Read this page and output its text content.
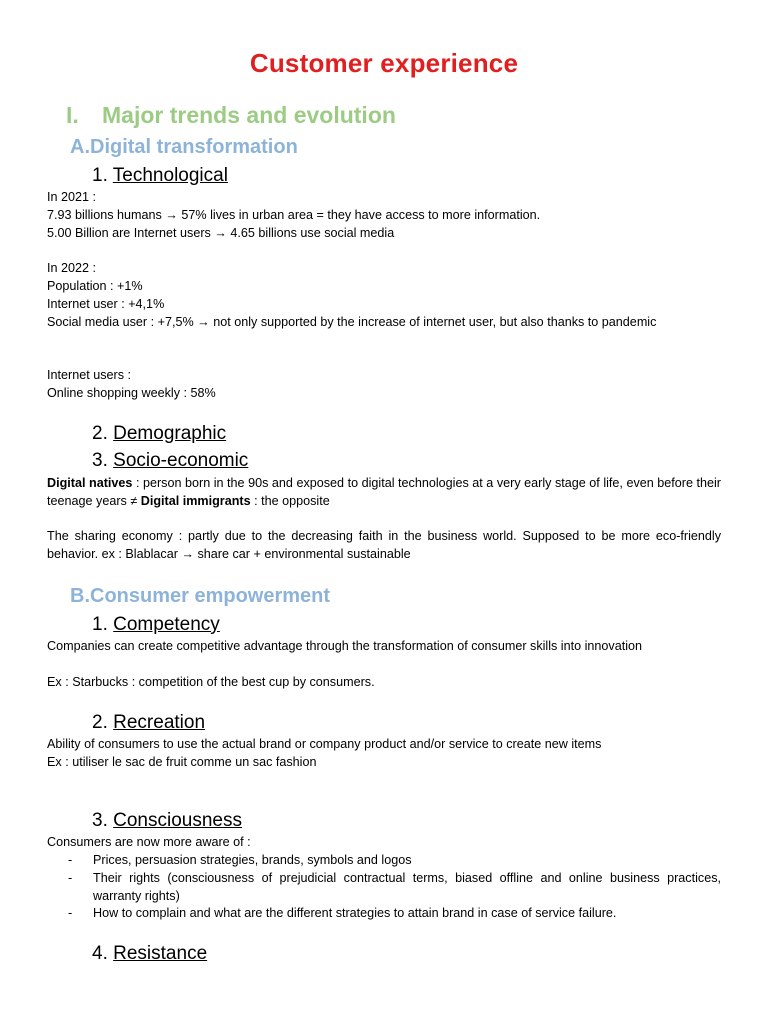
Customer experience
I. Major trends and evolution
A.Digital transformation
1. Technological
In 2021 :
7.93 billions humans → 57% lives in urban area = they have access to more information.
5.00 Billion are Internet users → 4.65 billions use social media
In 2022 :
Population : +1%
Internet user : +4,1%
Social media user : +7,5% → not only supported by the increase of internet user, but also thanks to pandemic
Internet users :
Online shopping weekly : 58%
2. Demographic
3. Socio-economic
Digital natives : person born in the 90s and exposed to digital technologies at a very early stage of life, even before their teenage years ≠ Digital immigrants : the opposite
The sharing economy : partly due to the decreasing faith in the business world. Supposed to be more eco-friendly behavior. ex : Blablacar → share car + environmental sustainable
B.Consumer empowerment
1. Competency
Companies can create competitive advantage through the transformation of consumer skills into innovation
Ex : Starbucks : competition of the best cup by consumers.
2. Recreation
Ability of consumers to use the actual brand or company product and/or service to create new items
Ex : utiliser le sac de fruit comme un sac fashion
3. Consciousness
Consumers are now more aware of :
- Prices, persuasion strategies, brands, symbols and logos
- Their rights (consciousness of prejudicial contractual terms, biased offline and online business practices, warranty rights)
- How to complain and what are the different strategies to attain brand in case of service failure.
4. Resistance
